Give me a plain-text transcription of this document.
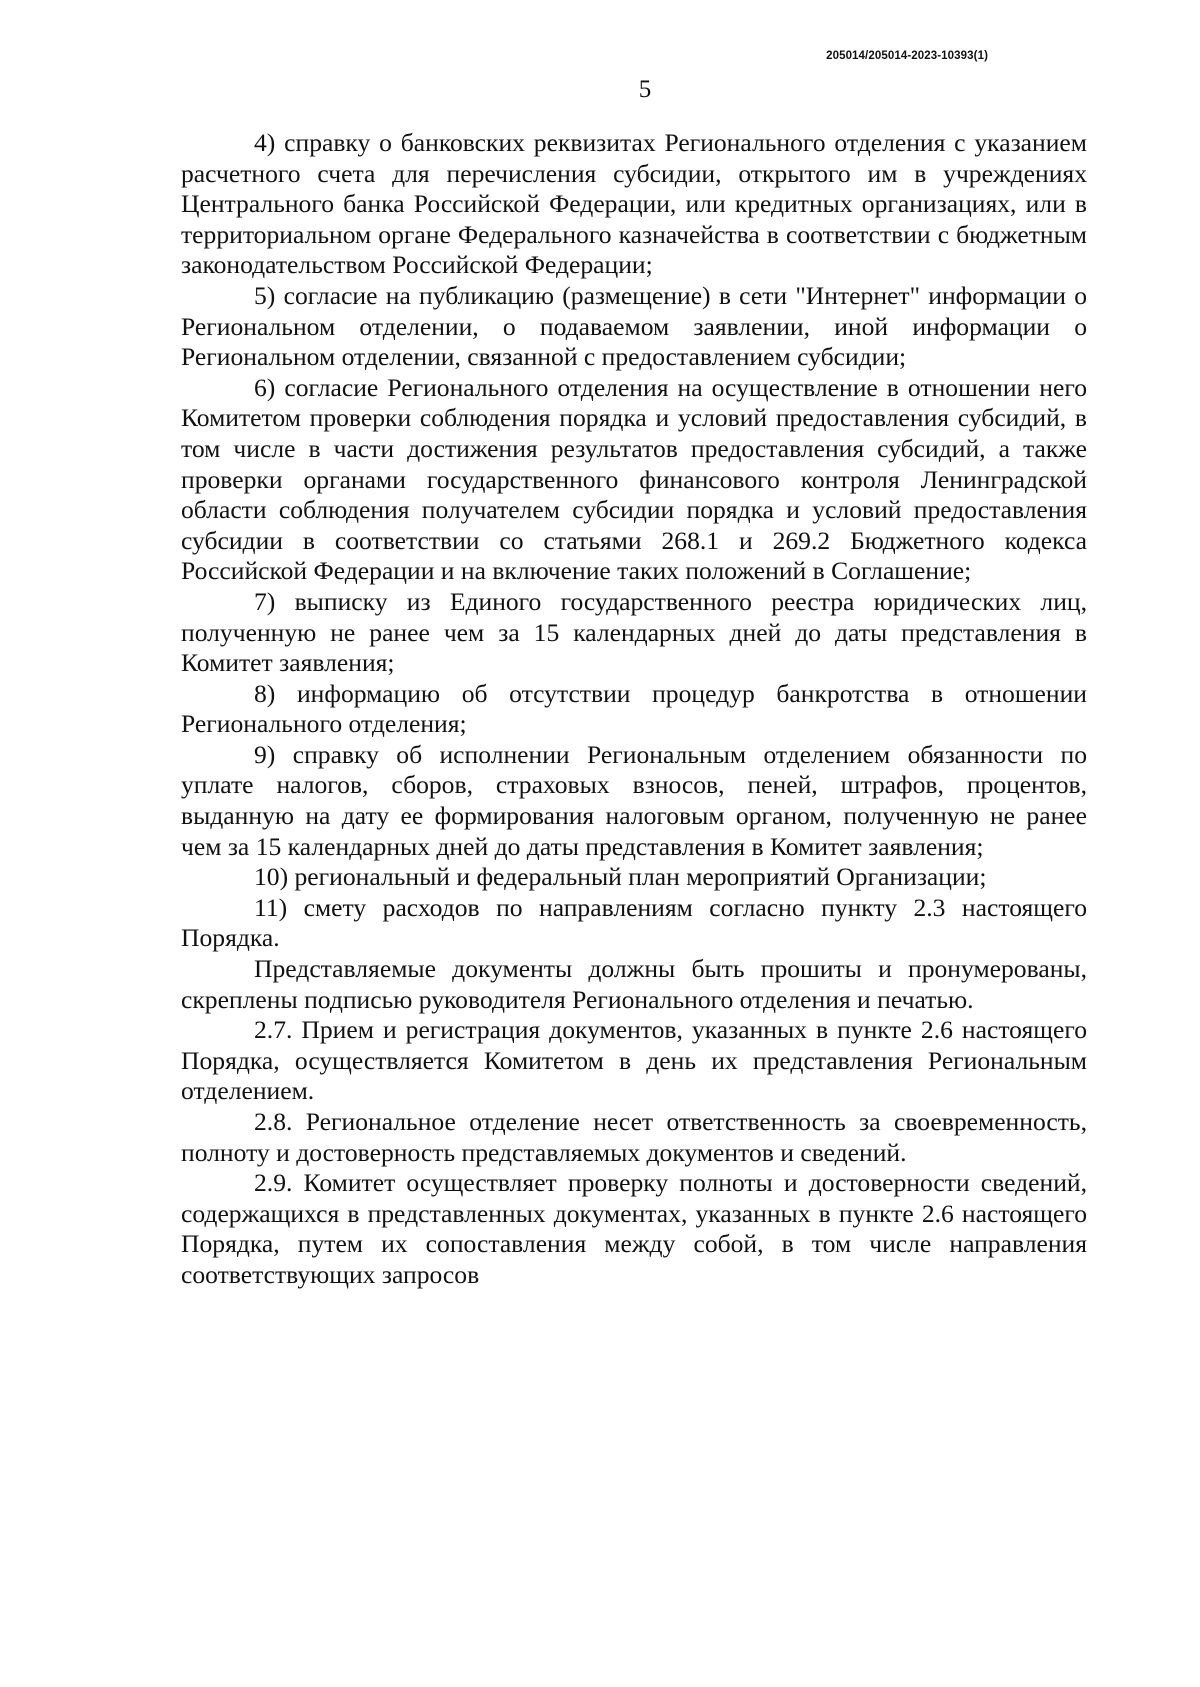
205014/205014-2023-10393(1)
5

4) справку о банковских реквизитах Регионального отделения с указанием расчетного счета для перечисления субсидии, открытого им в учреждениях Центрального банка Российской Федерации, или кредитных организациях, или в территориальном органе Федерального казначейства в соответствии с бюджетным законодательством Российской Федерации;

5) согласие на публикацию (размещение) в сети "Интернет" информации о Региональном отделении, о подаваемом заявлении, иной информации о Региональном отделении, связанной с предоставлением субсидии;

6) согласие Регионального отделения на осуществление в отношении него Комитетом проверки соблюдения порядка и условий предоставления субсидий, в том числе в части достижения результатов предоставления субсидий, а также проверки органами государственного финансового контроля Ленинградской области соблюдения получателем субсидии порядка и условий предоставления субсидии в соответствии со статьями 268.1 и 269.2 Бюджетного кодекса Российской Федерации и на включение таких положений в Соглашение;

7) выписку из Единого государственного реестра юридических лиц, полученную не ранее чем за 15 календарных дней до даты представления в Комитет заявления;

8) информацию об отсутствии процедур банкротства в отношении Регионального отделения;

9) справку об исполнении Региональным отделением обязанности по уплате налогов, сборов, страховых взносов, пеней, штрафов, процентов, выданную на дату ее формирования налоговым органом, полученную не ранее чем за 15 календарных дней до даты представления в Комитет заявления;

10) региональный и федеральный план мероприятий Организации;

11) смету расходов по направлениям согласно пункту 2.3 настоящего Порядка.

Представляемые документы должны быть прошиты и пронумерованы, скреплены подписью руководителя Регионального отделения и печатью.

2.7. Прием и регистрация документов, указанных в пункте 2.6 настоящего Порядка, осуществляется Комитетом в день их представления Региональным отделением.

2.8. Региональное отделение несет ответственность за своевременность, полноту и достоверность представляемых документов и сведений.

2.9. Комитет осуществляет проверку полноты и достоверности сведений, содержащихся в представленных документах, указанных в пункте 2.6 настоящего Порядка, путем их сопоставления между собой, в том числе направления соответствующих запросов
